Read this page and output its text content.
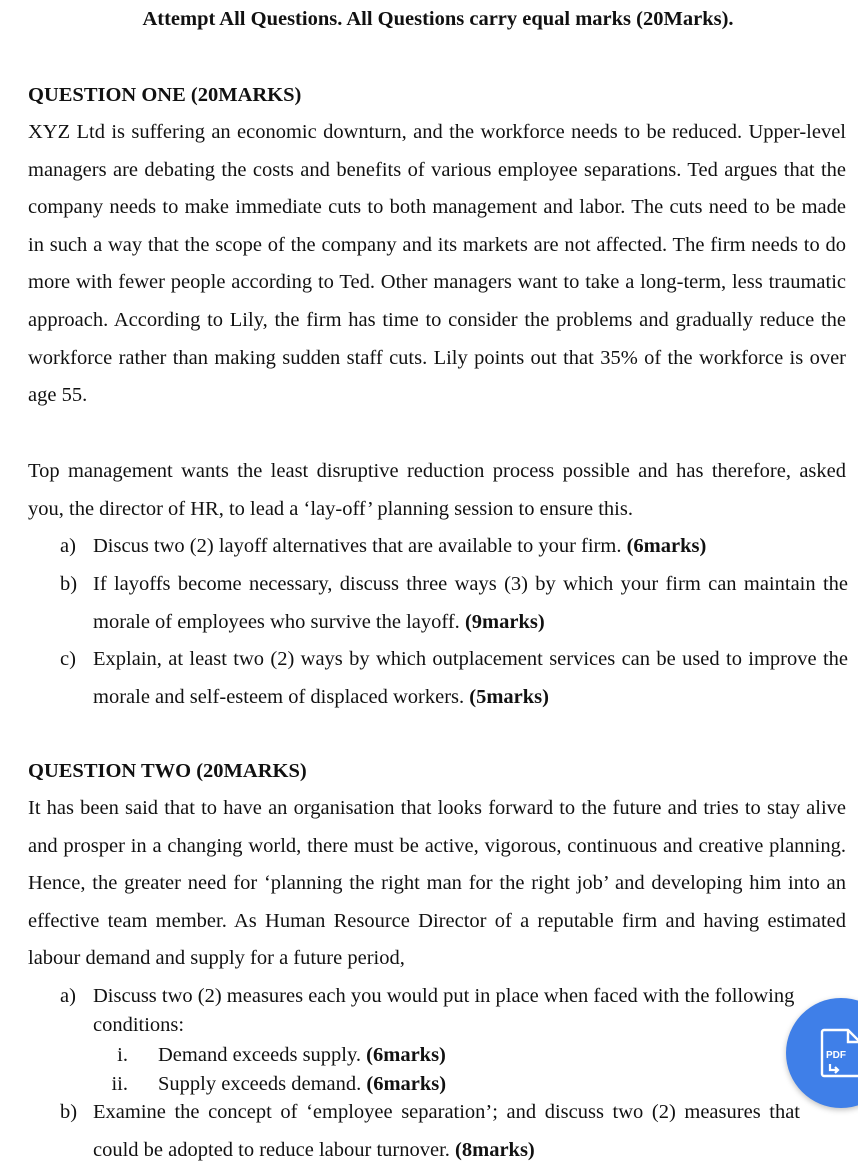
Attempt All Questions. All Questions carry equal marks (20Marks).
QUESTION ONE (20MARKS)

XYZ Ltd is suffering an economic downturn, and the workforce needs to be reduced. Upper-level managers are debating the costs and benefits of various employee separations. Ted argues that the company needs to make immediate cuts to both management and labor. The cuts need to be made in such a way that the scope of the company and its markets are not affected. The firm needs to do more with fewer people according to Ted. Other managers want to take a long-term, less traumatic approach. According to Lily, the firm has time to consider the problems and gradually reduce the workforce rather than making sudden staff cuts. Lily points out that 35% of the workforce is over age 55.

Top management wants the least disruptive reduction process possible and has therefore, asked you, the director of HR, to lead a ‘lay-off’ planning session to ensure this.

a) Discus two (2) layoff alternatives that are available to your firm. (6marks)
b) If layoffs become necessary, discuss three ways (3) by which your firm can maintain the morale of employees who survive the layoff. (9marks)
c) Explain, at least two (2) ways by which outplacement services can be used to improve the morale and self-esteem of displaced workers. (5marks)
QUESTION TWO (20MARKS)

It has been said that to have an organisation that looks forward to the future and tries to stay alive and prosper in a changing world, there must be active, vigorous, continuous and creative planning. Hence, the greater need for ‘planning the right man for the right job’ and developing him into an effective team member. As Human Resource Director of a reputable firm and having estimated labour demand and supply for a future period,

a) Discuss two (2) measures each you would put in place when faced with the following conditions:
i. Demand exceeds supply. (6marks)
ii. Supply exceeds demand. (6marks)
b) Examine the concept of ‘employee separation’; and discuss two (2) measures that could be adopted to reduce labour turnover. (8marks)
PDF
